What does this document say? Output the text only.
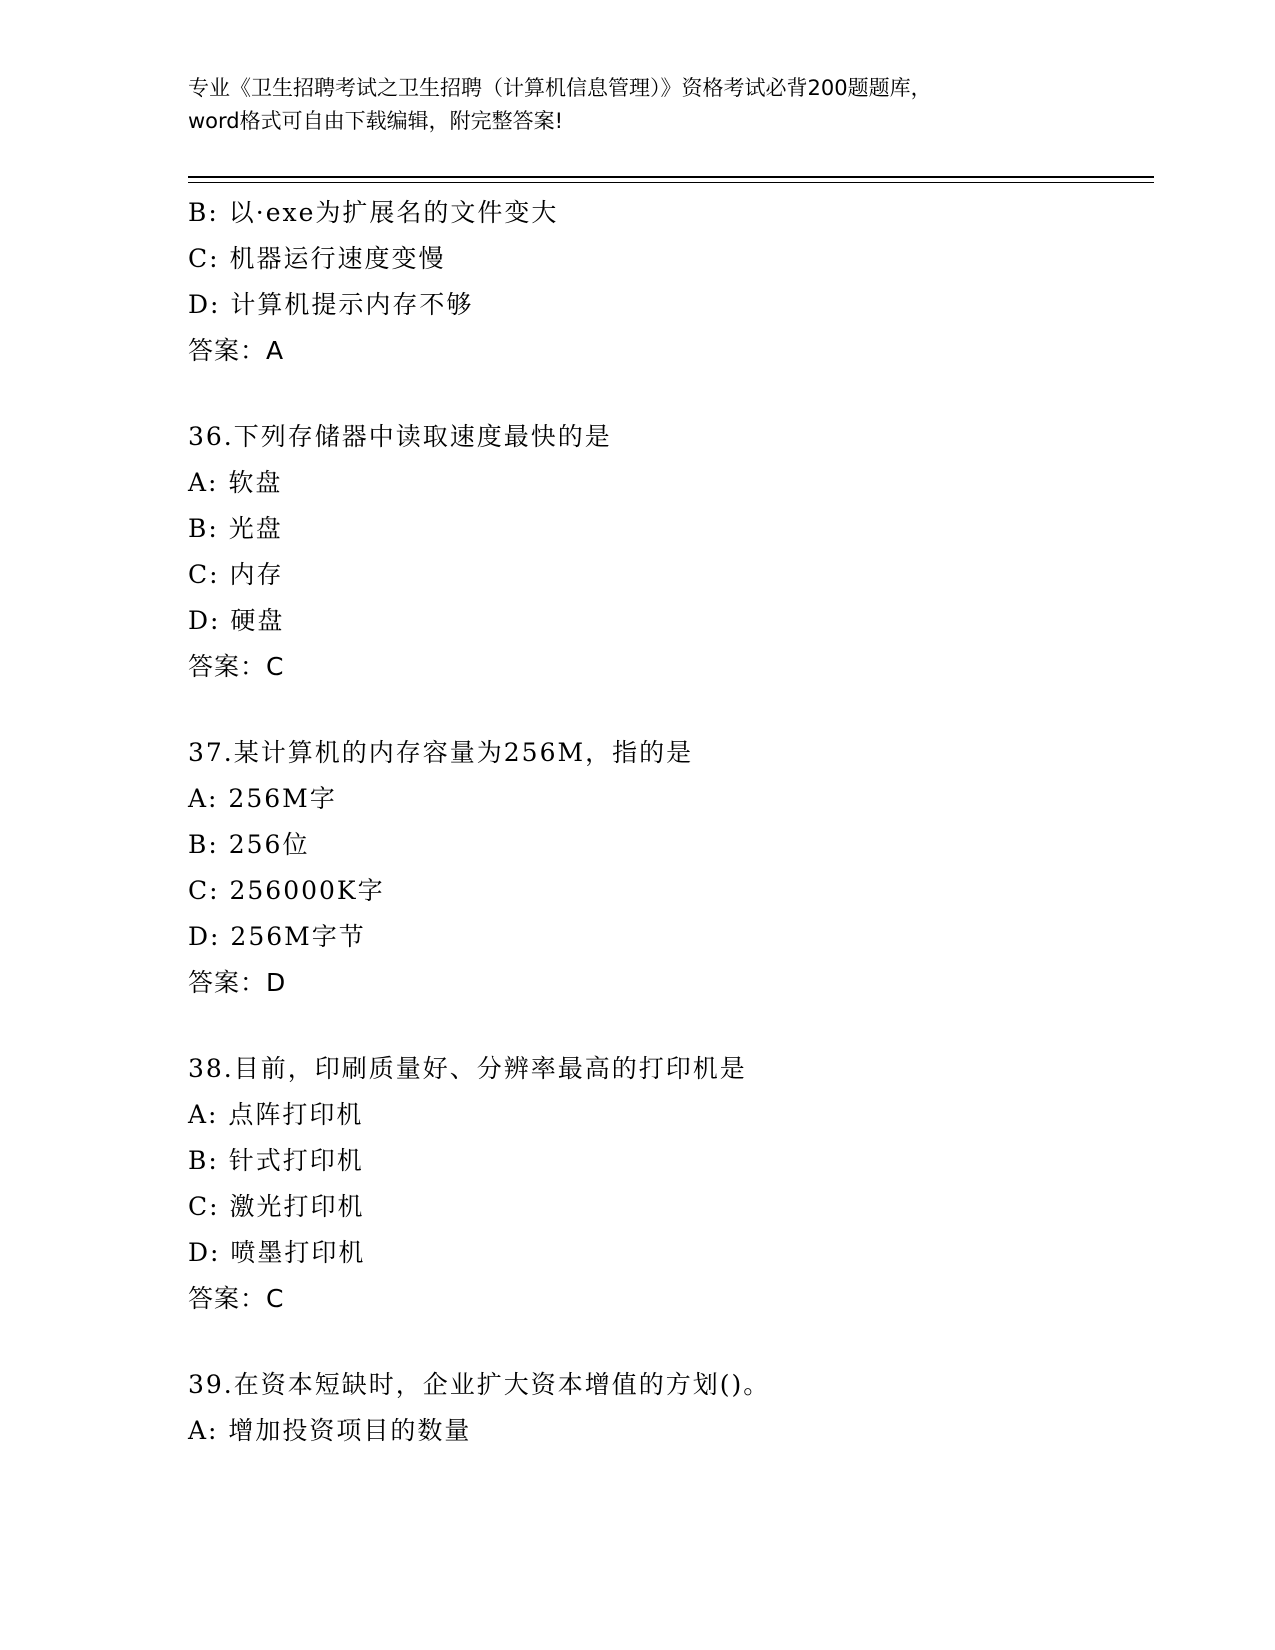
专业《卫生招聘考试之卫生招聘（计算机信息管理）》资格考试必背200题题库，
word格式可自由下载编辑，附完整答案!
B: 以·exe为扩展名的文件变大
C: 机器运行速度变慢
D: 计算机提示内存不够
答案：A
36.下列存储器中读取速度最快的是
A: 软盘
B: 光盘
C: 内存
D: 硬盘
答案：C
37.某计算机的内存容量为256M，指的是
A: 256M字
B: 256位
C: 256000K字
D: 256M字节
答案：D
38.目前，印刷质量好、分辨率最高的打印机是
A: 点阵打印机
B: 针式打印机
C: 激光打印机
D: 喷墨打印机
答案：C
39.在资本短缺时，企业扩大资本增值的方划()。
A: 增加投资项目的数量
